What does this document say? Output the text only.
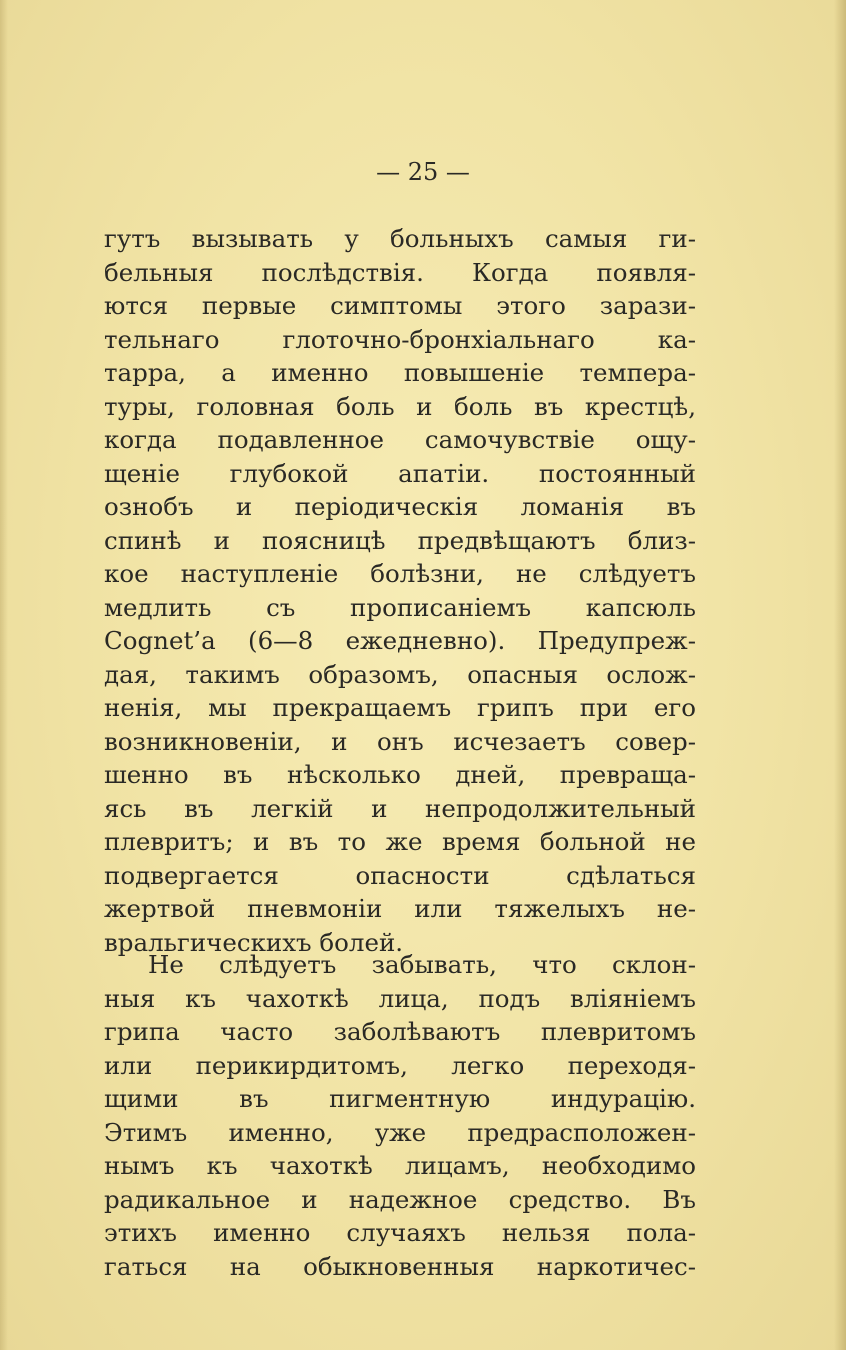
— 25 —

гутъ вызывать у больныхъ самыя ги-
бельныя послѣдствія. Когда появля-
ются первые симптомы этого зарази-
тельнаго глоточно-бронхіальнаго ка-
тарра, а именно повышеніе темпера-
туры, головная боль и боль въ крестцѣ,
когда подавленное самочувствіе ощу-
щеніе глубокой апатіи. постоянный
ознобъ и періодическія ломанія въ
спинѣ и поясницѣ предвѣщаютъ близ-
кое наступленіе болѣзни, не слѣдуетъ
медлить съ прописаніемъ капсюль
Cognet’а (6—8 ежедневно). Предупреж-
дая, такимъ образомъ, опасныя ослож-
ненія, мы прекращаемъ грипъ при его
возникновеніи, и онъ исчезаетъ совер-
шенно въ нѣсколько дней, превраща-
ясь въ легкій и непродолжительный
плевритъ; и въ то же время больной не
подвергается опасности сдѣлаться
жертвой пневмоніи или тяжелыхъ не-
вральгическихъ болей.

Не слѣдуетъ забывать, что склон-
ныя къ чахоткѣ лица, подъ вліяніемъ
грипа часто заболѣваютъ плевритомъ
или перикирдитомъ, легко переходя-
щими въ пигментную индурацію.
Этимъ именно, уже предрасположен-
нымъ къ чахоткѣ лицамъ, необходимо
радикальное и надежное средство. Въ
этихъ именно случаяхъ нельзя пола-
гаться на обыкновенныя наркотичес-
